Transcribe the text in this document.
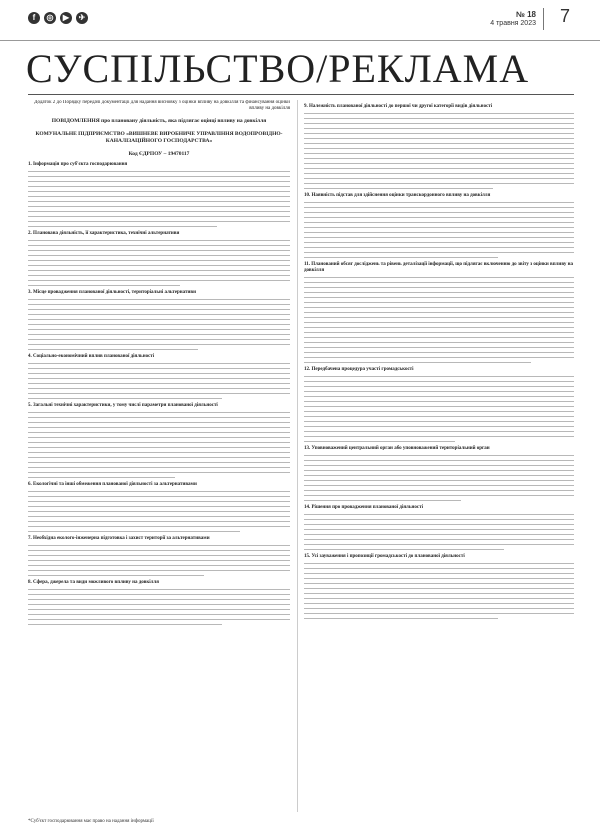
f	◎	▶	✈	№ 18
4 травня 2023 7
СУСПІЛЬСТВО/РЕКЛАМА
Додаток 2 до Порядку передачі документації для надання висновку з оцінки впливу на довкілля та фінансування оцінки впливу на довкілля
ПОВІДОМЛЕННЯ про плановану діяльність, яка підлягає оцінці впливу на довкілля
КОМУНАЛЬНЕ ПІДПРИЄМСТВО «ВИШНЕВЕ ВИРОБНИЧЕ УПРАВЛІННЯ ВОДОПРОВІДНО-КАНАЛІЗАЦІЙНОГО ГОСПОДАРСТВА»
Код ЄДРПОУ – 19470117
1. Інформація про суб'єкта господарювання
2. Планована діяльність, її характеристика, технічні альтернативи
3. Місце провадження планованої діяльності, територіальні альтернативи
4. Соціально-економічний вплив планованої діяльності
5. Загальні технічні характеристики, у тому числі параметри планованої діяльності
6. Екологічні та інші обмеження планованої діяльності за альтернативами
7. Необхідна еколого-інженерна підготовка і захист території за альтернативами
8. Сфера, джерела та види можливого впливу на довкілля
9. Належність планованої діяльності до першої чи другої категорії видів діяльності
10. Наявність підстав для здійснення оцінки транскордонного впливу на довкілля
11. Планований обсяг досліджень та рівень деталізації інформації, що підлягає включенню до звіту з оцінки впливу на довкілля
12. Передбачена процедура участі громадськості
13. Уповноважений центральний орган або уповноважений територіальний орган
14. Рішення про провадження планованої діяльності
15. Усі зауваження і пропозиції громадськості до планованої діяльності
*Суб'єкт господарювання має право на надання інформації
